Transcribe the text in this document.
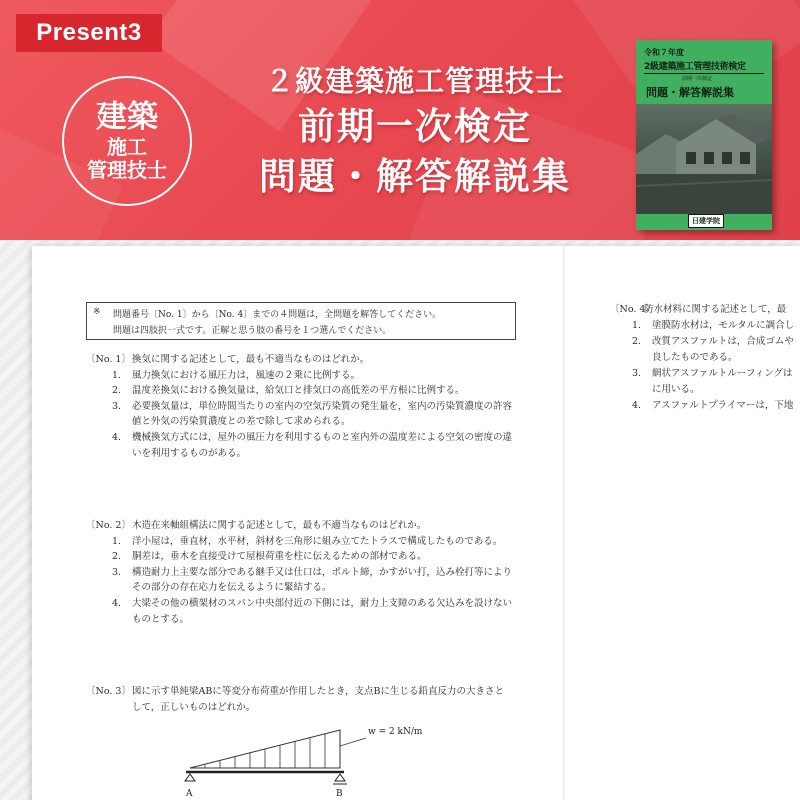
Present3
建築
施工
管理技士
２級建築施工管理技士
前期一次検定
問題・解答解説集
令和７年度
2級建築施工管理技術検定
前期一次検定
問題・解答解説集
日建学院
※ 問題番号〔No. 1〕から〔No. 4〕までの４問題は，全問題を解答してください。
問題は四肢択一式です。正解と思う肢の番号を１つ選んでください。
〔No. 1〕 換気に関する記述として，最も不適当なものはどれか。
1.	風力換気における風圧力は，風速の２乗に比例する。
2.	温度差換気における換気量は，給気口と排気口の高低差の平方根に比例する。
3.	必要換気量は，単位時間当たりの室内の空気汚染質の発生量を，室内の汚染質濃度の許容
値と外気の汚染質濃度との差で除して求められる。
4.	機械換気方式には，屋外の風圧力を利用するものと室内外の温度差による空気の密度の違
いを利用するものがある。
〔No. 2〕 木造在来軸組構法に関する記述として，最も不適当なものはどれか。
1.	洋小屋は，垂直材，水平材，斜材を三角形に組み立てたトラスで構成したものである。
2.	胴差は，垂木を直接受けて屋根荷重を柱に伝えるための部材である。
3.	構造耐力上主要な部分である継手又は仕口は，ボルト締，かすがい打，込み栓打等により
その部分の存在応力を伝えるように緊結する。
4.	大梁その他の横架材のスパン中央部付近の下側には，耐力上支障のある欠込みを設けない
ものとする。
〔No. 3〕 図に示す単純梁ABに等変分布荷重が作用したとき，支点Bに生じる鉛直反力の大きさと
して，正しいものはどれか。
w = 2 kN/m
A	B
〔No. 4〕
防水材料に関する記述として，最
1.	塗膜防水材は，モルタルに調合し
2.	改質アスファルトは，合成ゴムや
良したものである。
3.	網状アスファルトルーフィングは
に用いる。
4.	アスファルトプライマーは，下地
